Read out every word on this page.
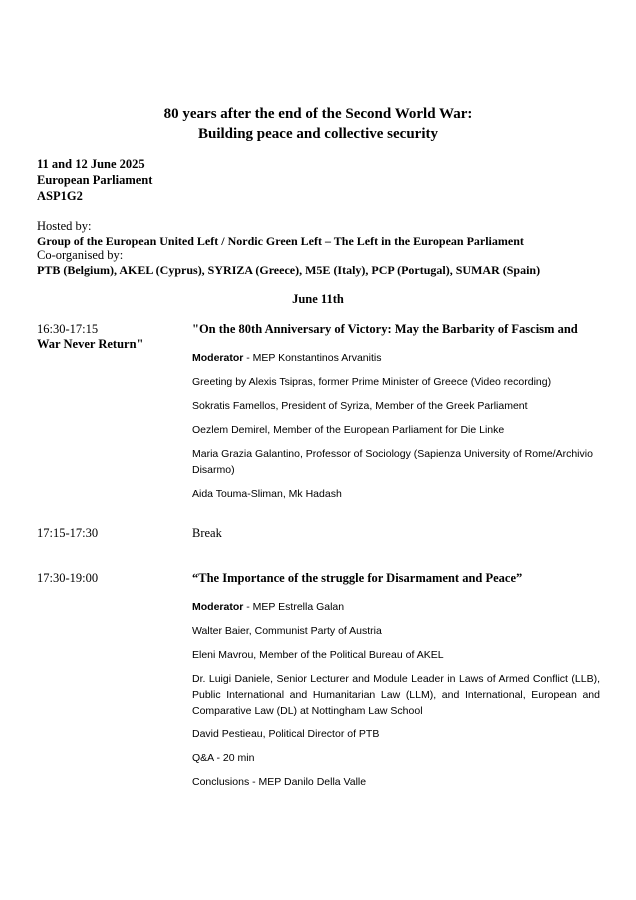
80 years after the end of the Second World War:
Building peace and collective security
11 and 12 June 2025
European Parliament
ASP1G2
Hosted by:
Group of the European United Left / Nordic Green Left – The Left in the European Parliament
Co-organised by:
PTB (Belgium), AKEL (Cyprus), SYRIZA (Greece), M5E (Italy), PCP (Portugal), SUMAR (Spain)
June 11th
16:30-17:15	"On the 80th Anniversary of Victory: May the Barbarity of Fascism and
War Never Return"
Moderator - MEP Konstantinos Arvanitis
Greeting by Alexis Tsipras, former Prime Minister of Greece (Video recording)
Sokratis Famellos, President of Syriza, Member of the Greek Parliament
Oezlem Demirel, Member of the European Parliament for Die Linke
Maria Grazia Galantino, Professor of Sociology (Sapienza University of Rome/Archivio Disarmo)
Aida Touma-Sliman, Mk Hadash
17:15-17:30	Break
17:30-19:00	“The Importance of the struggle for Disarmament and Peace”
Moderator - MEP Estrella Galan
Walter Baier, Communist Party of Austria
Eleni Mavrou, Member of the Political Bureau of AKEL
Dr. Luigi Daniele, Senior Lecturer and Module Leader in Laws of Armed Conflict (LLB), Public International and Humanitarian Law (LLM), and International, European and Comparative Law (DL) at Nottingham Law School
David Pestieau, Political Director of PTB
Q&A - 20 min
Conclusions - MEP Danilo Della Valle
